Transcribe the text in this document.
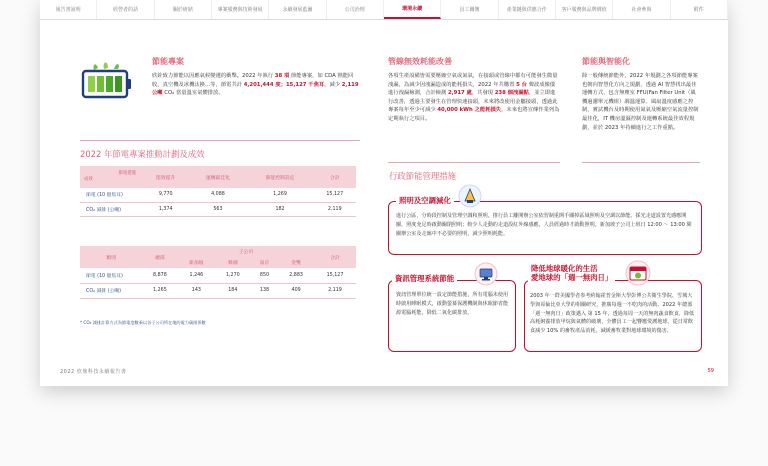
報告書說明	經營者的話	關於研鼎	專案服務與技術發展	永續發展藍圖	公司治理	環境永續	員工關懷	產業鏈與供應合作	客戶服務與品牌價值	社會參與	附件
節能專案
欣銓致力節能以因應氣候變遷的衝擊。2022 年執行 38 項 節能專案，如 CDA 熱能回收，真空機及冰機汰換…等，節電共計 4,201,444 度；15,127 千焦耳，減少 2,119 公噸 CO₂ 當量溫室氣體排放。
2022 年節電專案推動計劃及成效
節電措施
成效	能效提升	運轉最佳化	節能控制設定	合計
節電 (10 億焦耳)	9,770	4,088	1,269	15,127
CO₂ 減排 (公噸)	1,374	563	182	2,119
類別	總部	子公司				合計
		新加坡	韓國	南京	金雙	
節電 (10 億焦耳)	8,878	1,246	1,270	850	2,883	15,127
CO₂ 減排 (公噸)	1,265	143	184	138	409	2,119
* CO₂ 減排計算方式為節電度數乘以各子公司所在地的電力碳排係數
管線無效耗能改善
各項生產設備皆需要壓縮空氣或氮氣，在接頭或管線中都有可能發生微量洩漏，為減少因洩漏造成的能耗損失，2022 年共購置 5 台 聲波成像儀進行洩漏檢測，合計檢測 2,917 處，共發現 238 個洩漏點，並立即進行改善，透過主要發生在管理快速接頭，未來將改使用金屬接頭，透過此專案每年至少可減少 40,000 kWh 之能耗損失，未來也將宣傳作業列為定期執行之項目。
節能與智能化
除一般傳統節能外，2022 年規劃之各項節能專案也朝向智慧化方向之規劃，透過 AI 智慧找出最佳運轉方式，包含無塵室 FFU(Fan Filter Unit（風機過濾單元機組）調溫運算、風扇溫度感應之控制，實試機台及時期使用氮氣及壓縮空氣流量控制最佳化，IT 機房溫濕控制及運轉系統最佳效程規劃，並於 2023 年持續進行之工作重點。
行政節能管理措施
照明及空調減化
進行公區，分時段控制及管理空調和照明。推行員工離開辦公室依習制重開手關掉區域照明及空調以節能。採光走道設置光感應開關，照度充足時啟動關閉照明；較少人走動的走道設紅外線感應，人員經過時才啟動照明。新加坡子公司上班日 12:00 ～ 13:00 間關辦公室及走廊中不必要的照明，減少照明耗能。
資訊管理系統節能
資訊管理單位統一設定節能措施，所有電腦未使用時啟用睡眠模式，啟動螢幕保護機制與休眠節省能源電腦耗能，降低二氧化碳排放。
降低地球暖化的生活
愛地球的「週一無肉日」
2003 年一群美國學者参考約翰霍普金斯大學彭博公共衛生學院、雪城大學與哥倫比亞大學的相關研究，推廣每週一不吃肉的活動。2022 年總部「週一無肉日」政策邁入 第 15 年，透過每周一天的無肉蔬食飲食，降低高耗飼養排放甲烷與氣體的破壞，全體員工一起響應愛護地球，從日常飲食減少 10% 的畜牧產品消耗，減緩畜牧業對地球環境的傷害。
2022 欣鼎科技永續報告書	59
